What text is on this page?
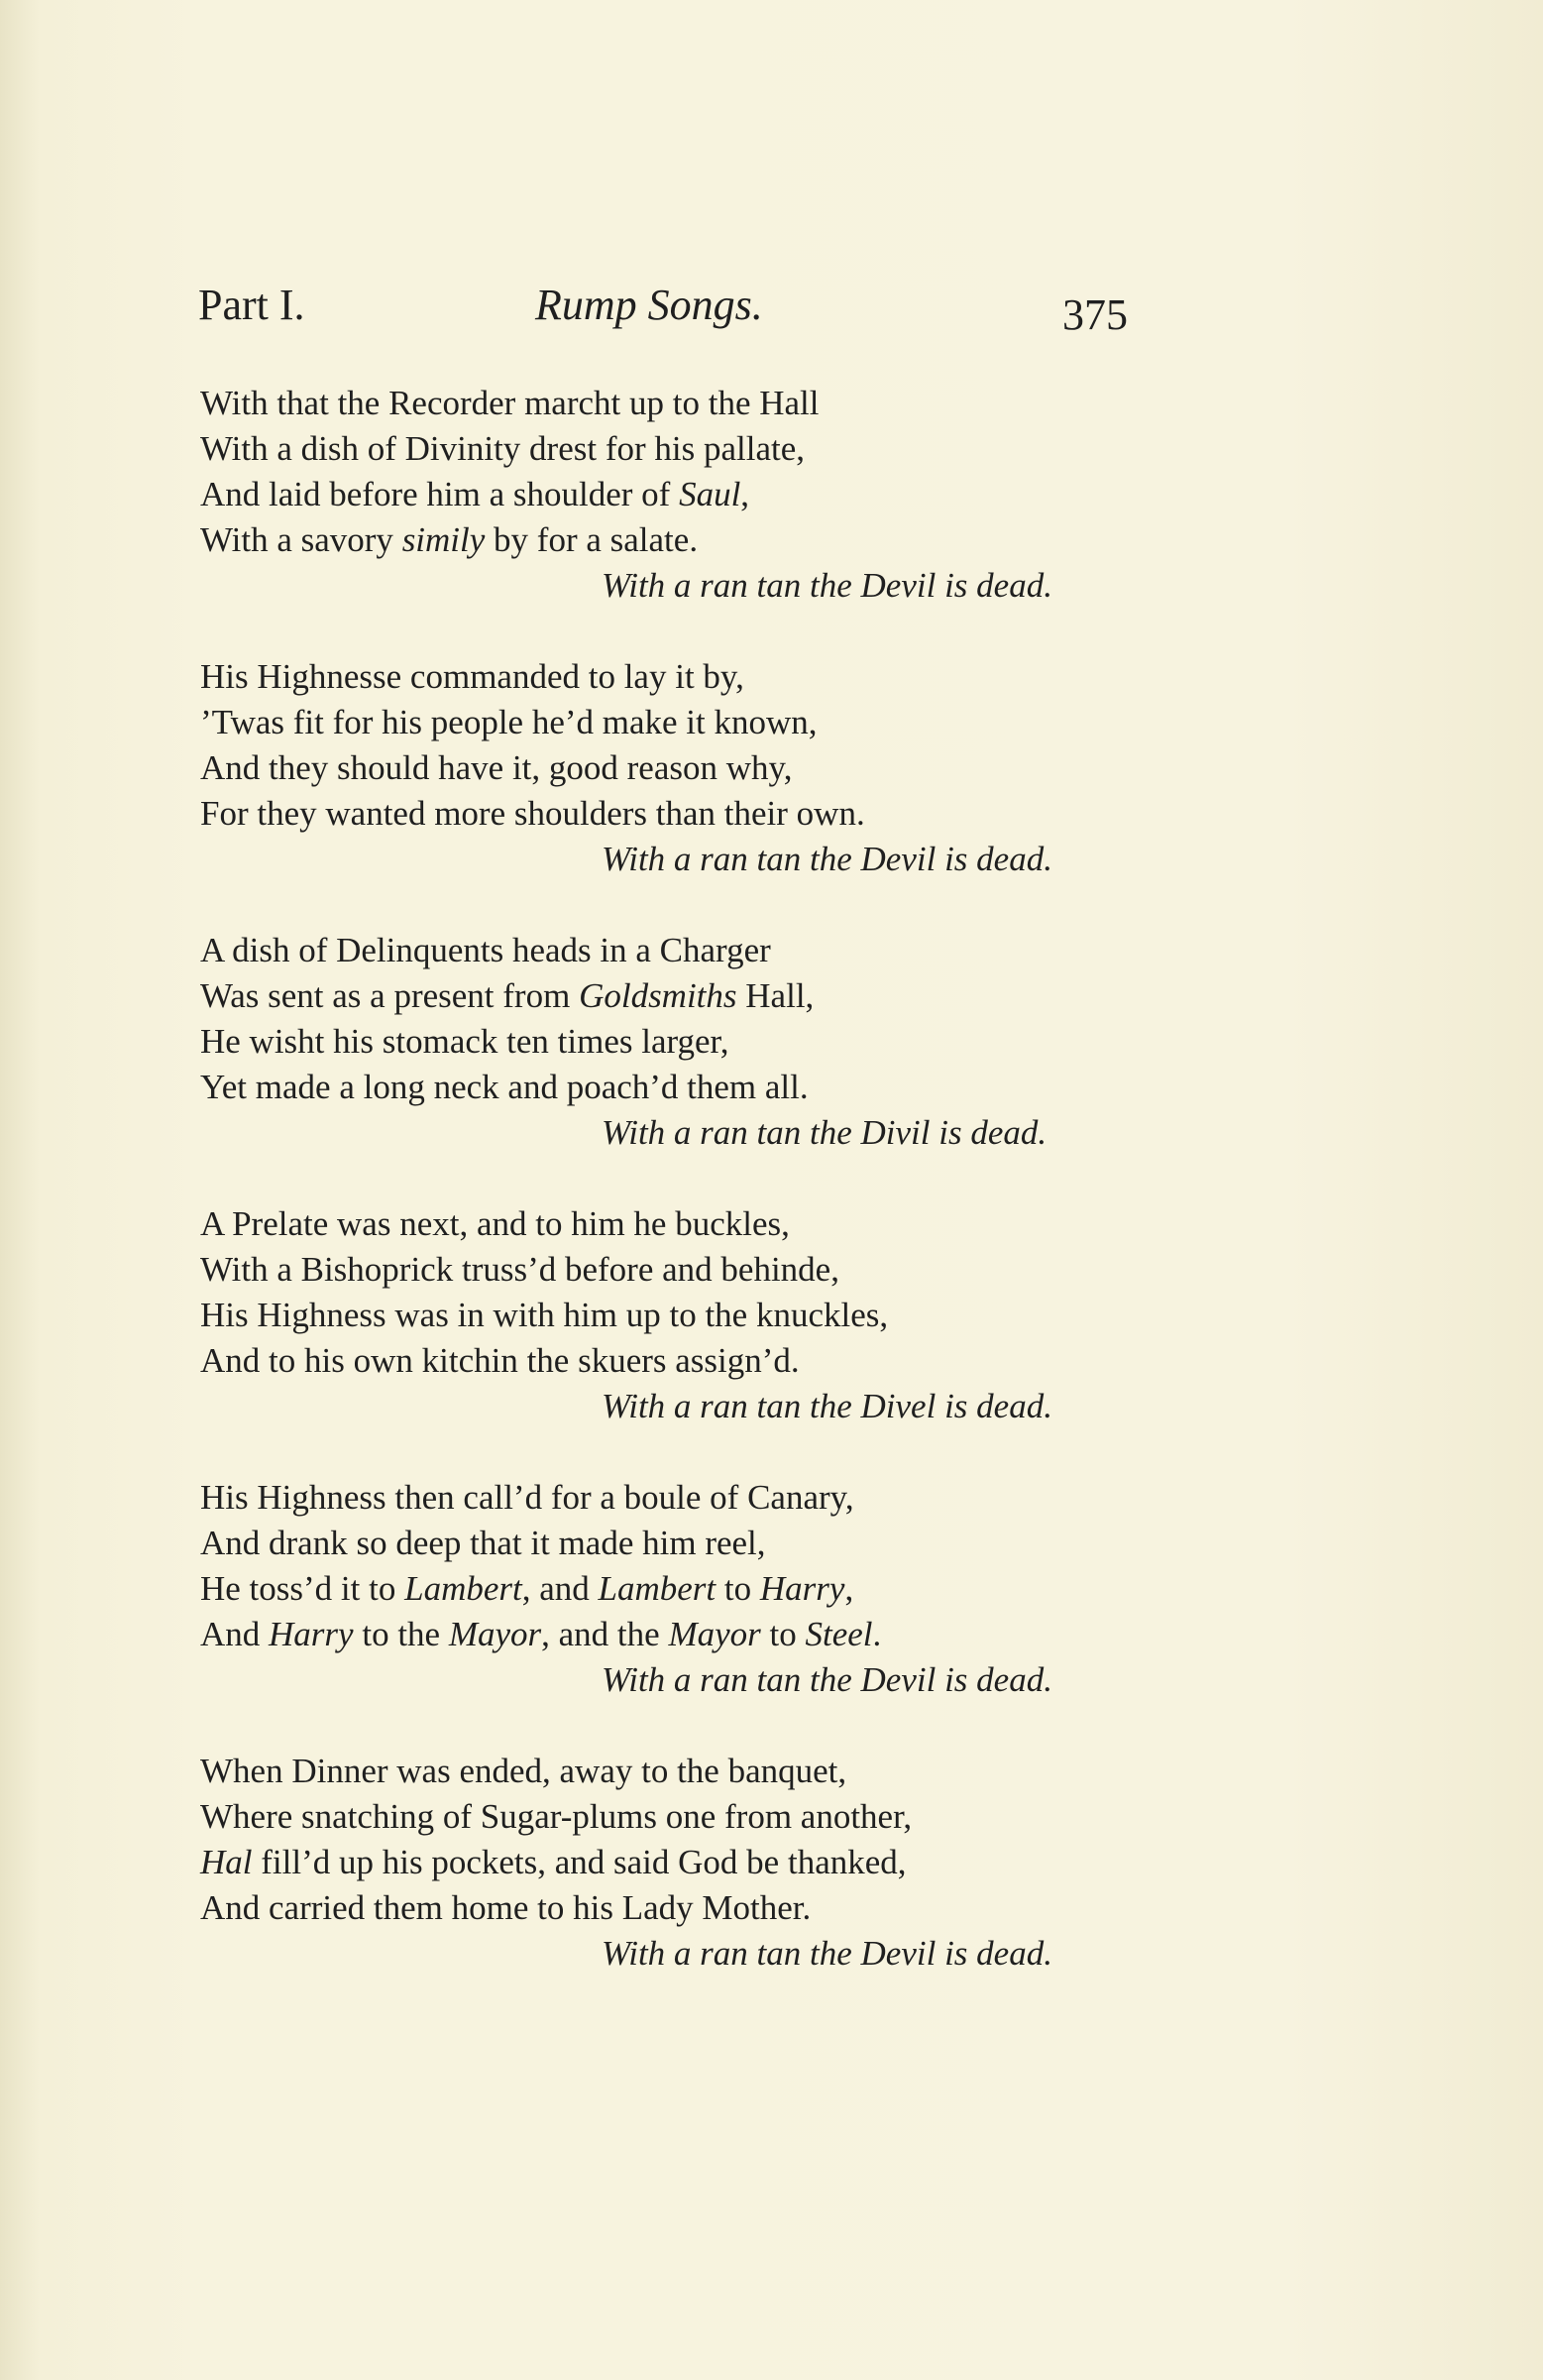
Part I.	Rump Songs.	375
With that the Recorder marcht up to the Hall
With a dish of Divinity drest for his pallate,
And laid before him a shoulder of Saul,
With a savory simily by for a salate.
With a ran tan the Devil is dead.
His Highnesse commanded to lay it by,
’Twas fit for his people he’d make it known,
And they should have it, good reason why,
For they wanted more shoulders than their own.
With a ran tan the Devil is dead.
A dish of Delinquents heads in a Charger
Was sent as a present from Goldsmiths Hall,
He wisht his stomack ten times larger,
Yet made a long neck and poach’d them all.
With a ran tan the Divil is dead.
A Prelate was next, and to him he buckles,
With a Bishoprick truss’d before and behinde,
His Highness was in with him up to the knuckles,
And to his own kitchin the skuers assign’d.
With a ran tan the Divel is dead.
His Highness then call’d for a boule of Canary,
And drank so deep that it made him reel,
He toss’d it to Lambert, and Lambert to Harry,
And Harry to the Mayor, and the Mayor to Steel.
With a ran tan the Devil is dead.
When Dinner was ended, away to the banquet,
Where snatching of Sugar-plums one from another,
Hal fill’d up his pockets, and said God be thanked,
And carried them home to his Lady Mother.
With a ran tan the Devil is dead.
